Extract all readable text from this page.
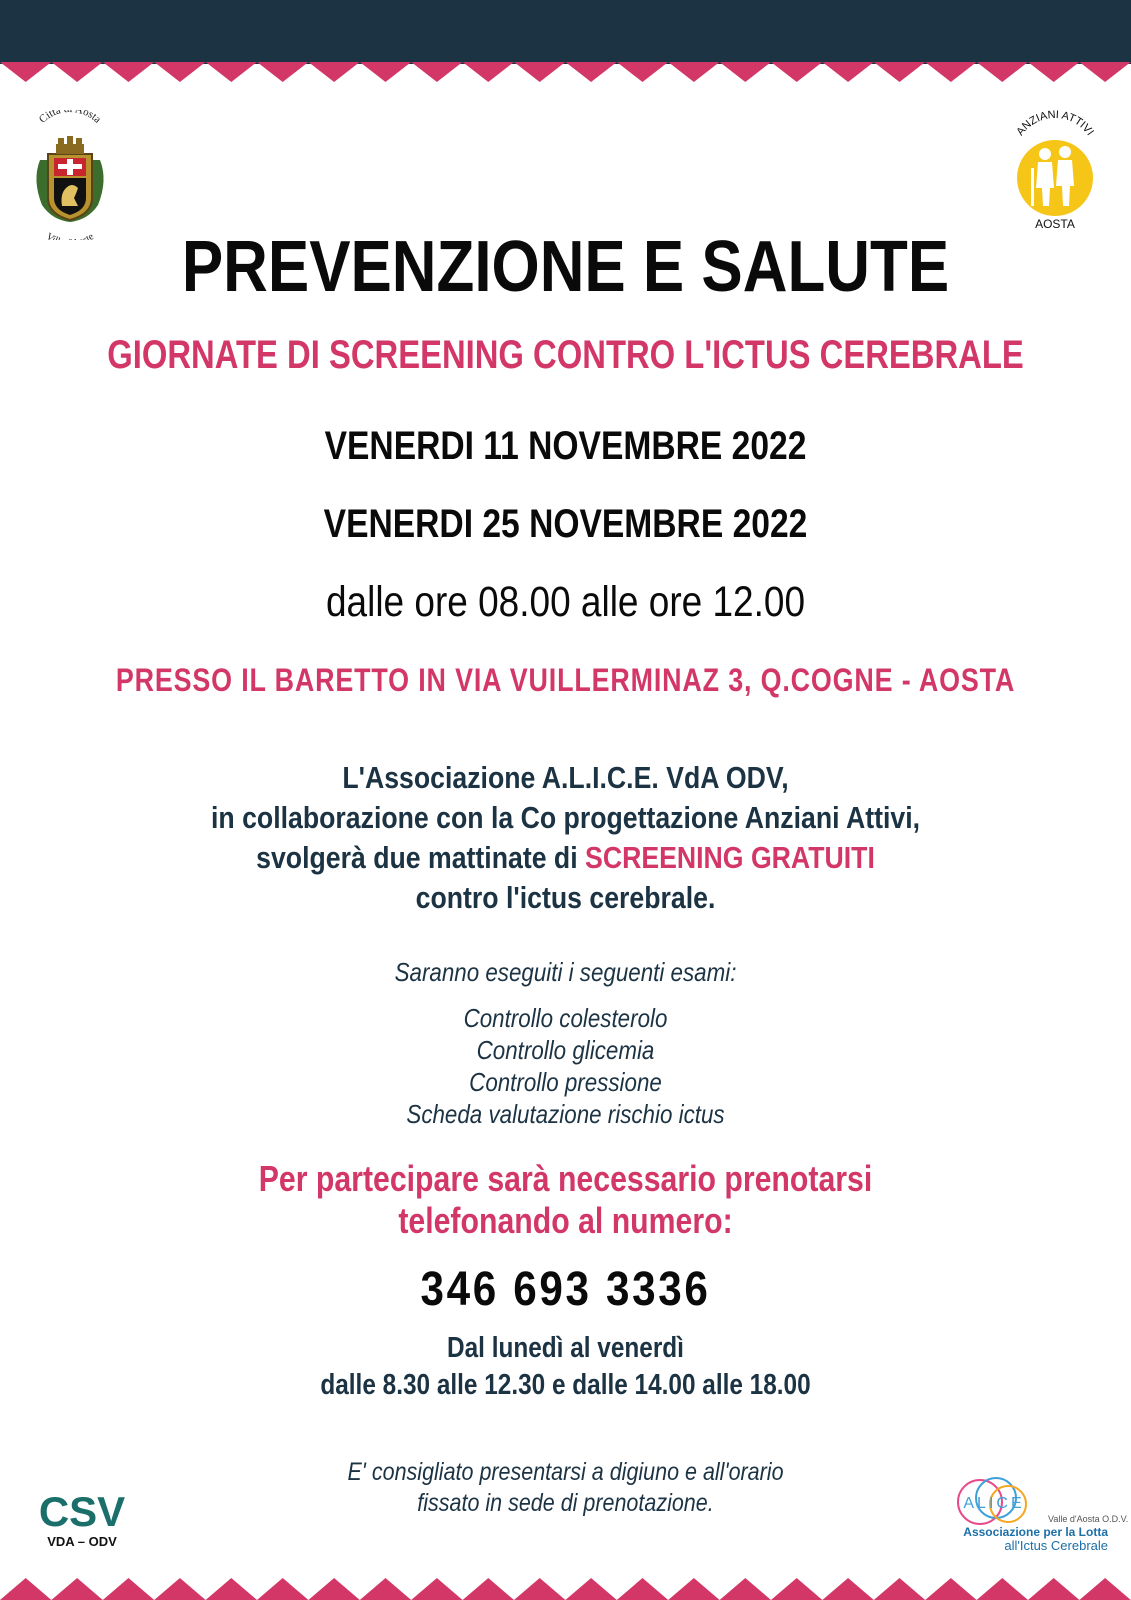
Città Aosta
Vi te
ANZIANI ATTIVI
AOSTA
PREVENZIONE E SALUTE
GIORNATE DI SCREENING CONTRO L'ICTUS CEREBRALE
VENERDI 11 NOVEMBRE 2022
VENERDI 25 NOVEMBRE 2022
dalle ore 08.00 alle ore 12.00
PRESSO IL BARETTO IN VIA VUILLERMINAZ 3, Q.COGNE - AOSTA
L'Associazione A.L.I.C.E. VdA ODV,
in collaborazione con la Co progettazione Anziani Attivi,
svolgerà due mattinate di SCREENING GRATUITI
contro l'ictus cerebrale.
Saranno eseguiti i seguenti esami:
Controllo colesterolo
Controllo glicemia
Controllo pressione
Scheda valutazione rischio ictus
Per partecipare sarà necessario prenotarsi
telefonando al numero:
346 693 3336
Dal lunedì al venerdì
dalle 8.30 alle 12.30 e dalle 14.00 alle 18.00
E' consigliato presentarsi a digiuno e all'orario
fissato in sede di prenotazione.
CSV
VDA – ODV
ALICE
Valle d'Aosta O.D.V.
Associazione per la Lotta
all'Ictus Cerebrale
